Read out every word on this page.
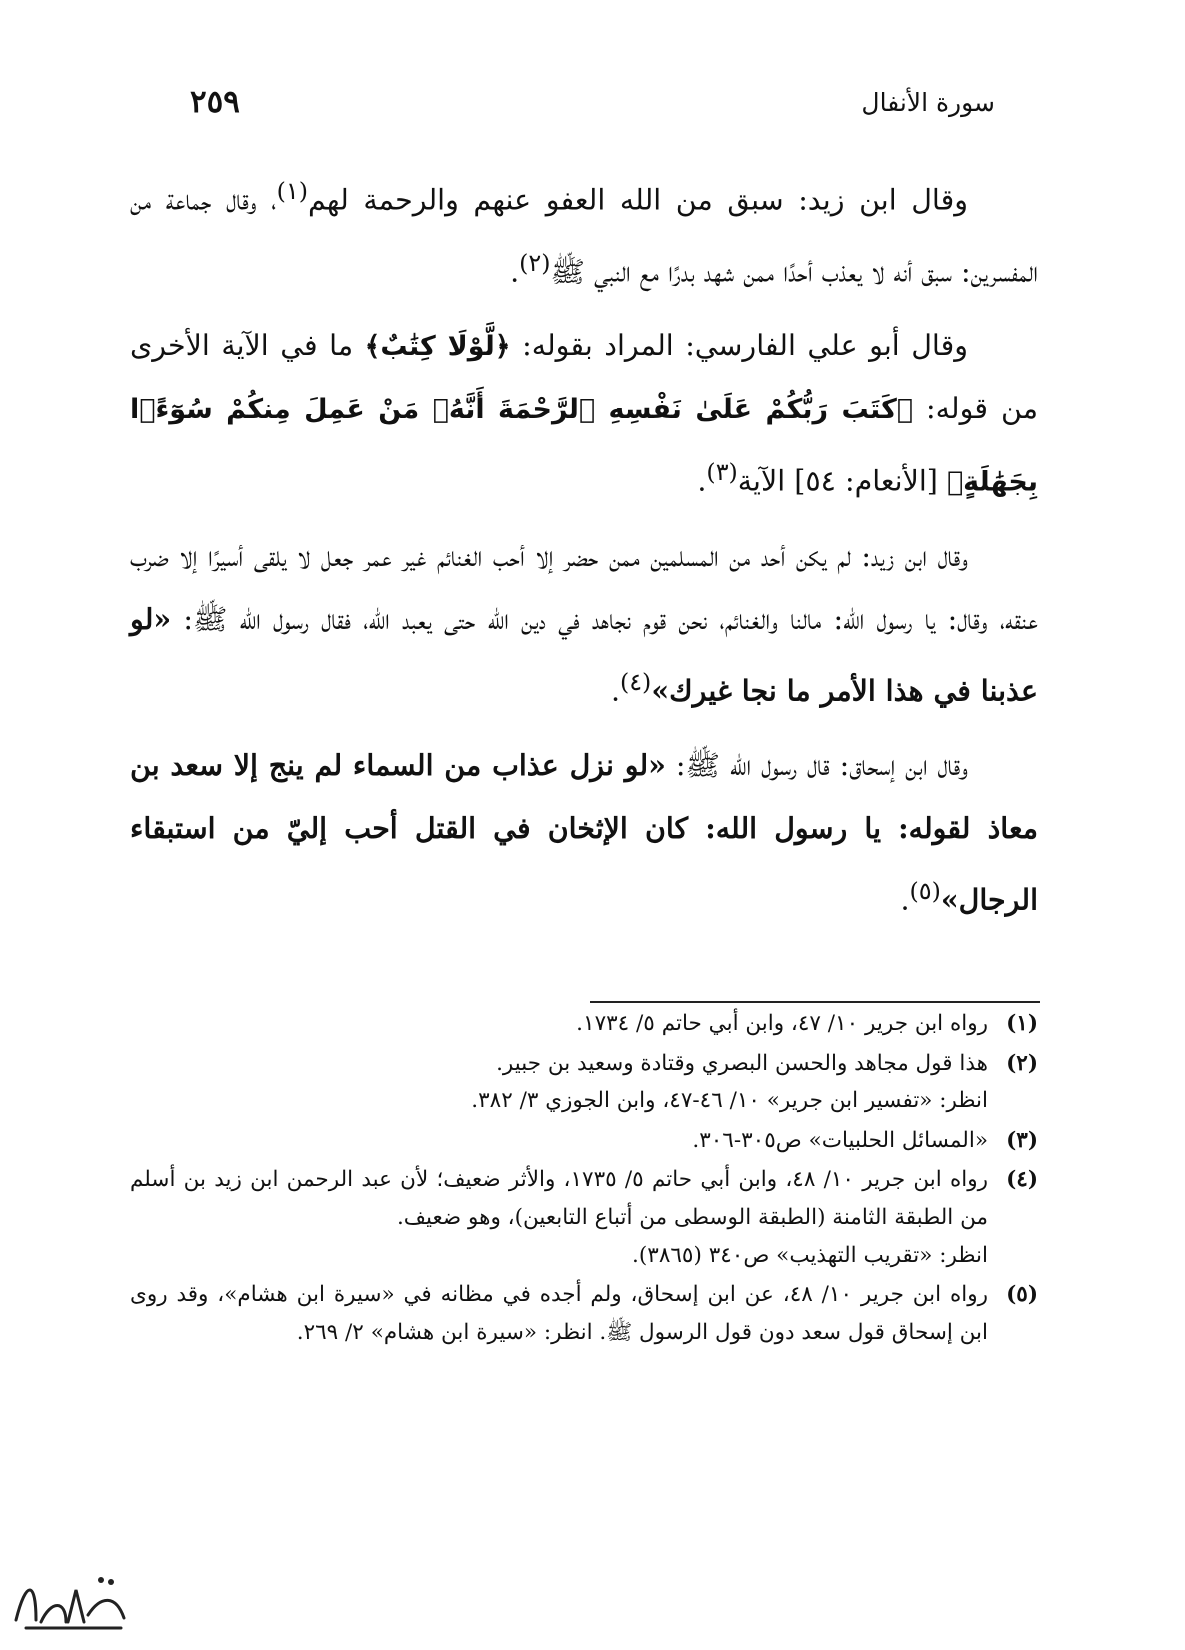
سورة الأنفال
٢٥٩

وقال ابن زيد: سبق من الله العفو عنهم والرحمة لهم$^{(١)}$، وقال جماعة من المفسرين: سبق أنه لا يعذب أحدًا ممن شهد بدرًا مع النبي ﷺ$^{(٢)}$.

وقال أبو علي الفارسي: المراد بقوله: ﴿لَّوْلَا كِتَٰبٌ﴾ ما في الآية الأخرى من قوله: ﴿كَتَبَ رَبُّكُمْ عَلَىٰ نَفْسِهِ ٱلرَّحْمَةَ أَنَّهُۥ مَنْ عَمِلَ مِنكُمْ سُوٓءًۢا بِجَهَٰلَةٍ﴾ [الأنعام: ٥٤] الآية$^{(٣)}$.

وقال ابن زيد: لم يكن أحد من المسلمين ممن حضر إلا أحب الغنائم غير عمر جعل لا يلقى أسيرًا إلا ضرب عنقه، وقال: يا رسول الله: مالنا والغنائم، نحن قوم نجاهد في دين الله حتى يعبد الله، فقال رسول الله ﷺ: «لو عذبنا في هذا الأمر ما نجا غيرك»$^{(٤)}$.

وقال ابن إسحاق: قال رسول الله ﷺ: «لو نزل عذاب من السماء لم ينج إلا سعد بن معاذ لقوله: يا رسول الله: كان الإثخان في القتل أحب إليّ من استبقاء الرجال»$^{(٥)}$.

(١)
رواه ابن جرير ١٠/ ٤٧، وابن أبي حاتم ٥/ ١٧٣٤.
(٢)
هذا قول مجاهد والحسن البصري وقتادة وسعيد بن جبير.
انظر: «تفسير ابن جرير» ١٠/ ٤٦-٤٧، وابن الجوزي ٣/ ٣٨٢.
(٣)
«المسائل الحلبيات» ص٣٠٥-٣٠٦.
(٤)
رواه ابن جرير ١٠/ ٤٨، وابن أبي حاتم ٥/ ١٧٣٥، والأثر ضعيف؛ لأن عبد الرحمن ابن زيد بن أسلم من الطبقة الثامنة (الطبقة الوسطى من أتباع التابعين)، وهو ضعيف.
انظر: «تقريب التهذيب» ص٣٤٠ (٣٨٦٥).
(٥)
رواه ابن جرير ١٠/ ٤٨، عن ابن إسحاق، ولم أجده في مظانه في «سيرة ابن هشام»، وقد روى ابن إسحاق قول سعد دون قول الرسول ﷺ. انظر: «سيرة ابن هشام» ٢/ ٢٦٩.
